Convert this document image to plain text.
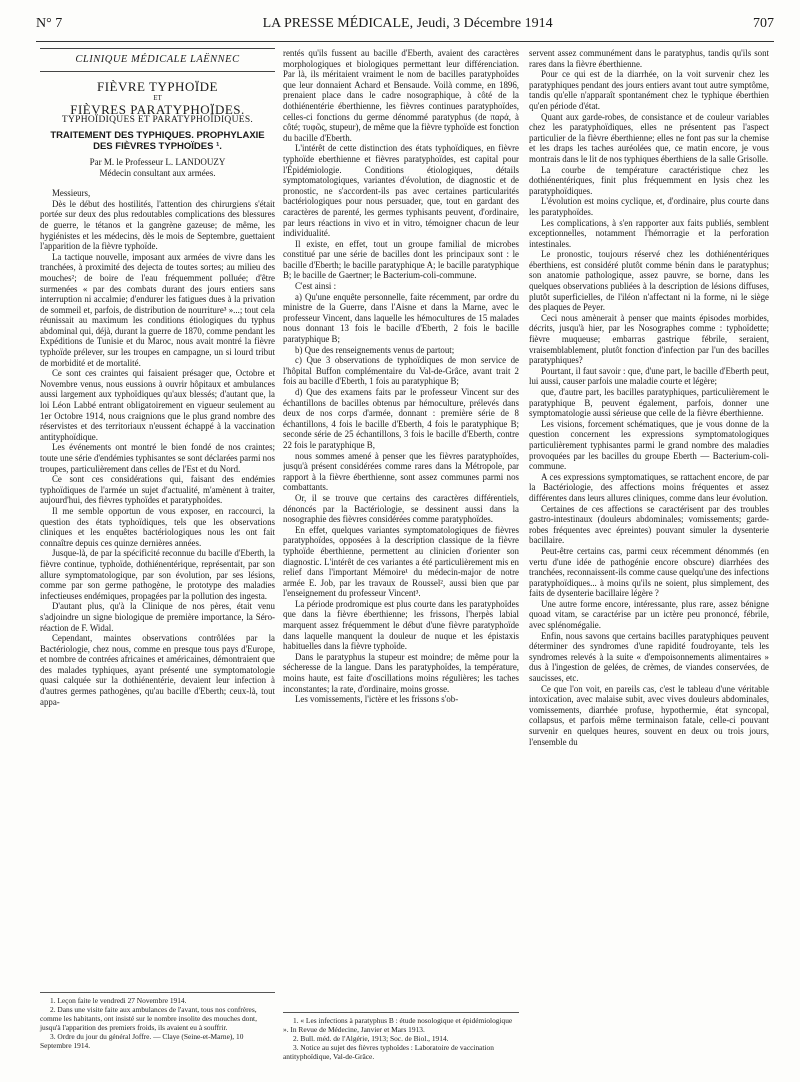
N° 7	LA PRESSE MÉDICALE, Jeudi, 3 Décembre 1914	707
CLINIQUE MÉDICALE LAËNNEC
FIÈVRE TYPHOÏDE
ET
FIÈVRES PARATYPHOÏDES.
TYPHOÏDIQUES ET PARATYPHOÏDIQUES.
TRAITEMENT DES TYPHIQUES. PROPHYLAXIE DES FIÈVRES TYPHOÏDES ¹.
Par M. le Professeur L. LANDOUZY
Médecin consultant aux armées.

Messieurs,

Dès le début des hostilités, l'attention des chirurgiens s'était portée sur deux des plus redoutables complications des blessures de guerre, le tétanos et la gangrène gazeuse; de même, les hygiénistes et les médecins, dès le mois de Septembre, guettaient l'apparition de la fièvre typhoïde.

La tactique nouvelle, imposant aux armées de vivre dans les tranchées, à proximité des dejecta de toutes sortes; au milieu des mouches²; de boire de l'eau fréquemment polluée; d'être surmenées « par des combats durant des jours entiers sans interruption ni accalmie; d'endurer les fatigues dues à la privation de sommeil et, parfois, de distribution de nourriture³ »...; tout cela réunissait au maximum les conditions étiologiques du typhus abdominal qui, déjà, durant la guerre de 1870, comme pendant les Expéditions de Tunisie et du Maroc, nous avait montré la fièvre typhoïde prélever, sur les troupes en campagne, un si lourd tribut de morbidité et de mortalité.

Ce sont ces craintes qui faisaient présager que, Octobre et Novembre venus, nous eussions à ouvrir hôpitaux et ambulances aussi largement aux typhoïdiques qu'aux blessés; d'autant que, la loi Léon Labbé entrant obligatoirement en vigueur seulement au 1er Octobre 1914, nous craignions que le plus grand nombre des réservistes et des territoriaux n'eussent échappé à la vaccination antityphoïdique.

Les événements ont montré le bien fondé de nos craintes; toute une série d'endémies typhisantes se sont déclarées parmi nos troupes, particulièrement dans celles de l'Est et du Nord.

Ce sont ces considérations qui, faisant des endémies typhoïdiques de l'armée un sujet d'actualité, m'amènent à traiter, aujourd'hui, des fièvres typhoïdes et paratyphoïdes.

Il me semble opportun de vous exposer, en raccourci, la question des états typhoïdiques, tels que les observations cliniques et les enquêtes bactériologiques nous les ont fait connaître depuis ces quinze dernières années.

Jusque-là, de par la spécificité reconnue du bacille d'Eberth, la fièvre continue, typhoïde, dothiénentérique, représentait, par son allure symptomatologique, par son évolution, par ses lésions, comme par son germe pathogène, le prototype des maladies infectieuses endémiques, propagées par la pollution des ingesta.

D'autant plus, qu'à la Clinique de nos pères, était venu s'adjoindre un signe biologique de première importance, la Séro-réaction de F. Widal.

Cependant, maintes observations contrôlées par la Bactériologie, chez nous, comme en presque tous pays d'Europe, et nombre de contrées africaines et américaines, démontraient que des malades typhiques, ayant présenté une symptomatologie quasi calquée sur la dothiénentérie, devaient leur infection à d'autres germes pathogènes, qu'au bacille d'Eberth; ceux-là, tout appa-

rentés qu'ils fussent au bacille d'Eberth, avaient des caractères morphologiques et biologiques permettant leur différenciation. Par là, ils méritaient vraiment le nom de bacilles paratyphoïdes que leur donnaient Achard et Bensaude. Voilà comme, en 1896, prenaient place dans le cadre nosographique, à côté de la dothiénentérie éberthienne, les fièvres continues paratyphoïdes, celles-ci fonctions du germe dénommé paratyphus (de παρά, à côté; τυφῶς, stupeur), de même que la fièvre typhoïde est fonction du bacille d'Eberth.

L'intérêt de cette distinction des états typhoïdiques, en fièvre typhoïde eberthienne et fièvres paratyphoïdes, est capital pour l'Épidémiologie. Conditions étiologiques, détails symptomatologiques, variantes d'évolution, de diagnostic et de pronostic, ne s'accordent-ils pas avec certaines particularités bactériologiques pour nous persuader, que, tout en gardant des caractères de parenté, les germes typhisants peuvent, d'ordinaire, par leurs réactions in vivo et in vitro, témoigner chacun de leur individualité.

Il existe, en effet, tout un groupe familial de microbes constitué par une série de bacilles dont les principaux sont : le bacille d'Eberth; le bacille paratyphique A; le bacille paratyphique B; le bacille de Gaertner; le Bacterium-coli-commune.

C'est ainsi :

a) Qu'une enquête personnelle, faite récemment, par ordre du ministre de la Guerre, dans l'Aisne et dans la Marne, avec le professeur Vincent, dans laquelle les hémocultures de 15 malades nous donnant 13 fois le bacille d'Eberth, 2 fois le bacille paratyphique B;

b) Que des renseignements venus de partout;

c) Que 3 observations de typhoïdiques de mon service de l'hôpital Buffon complémentaire du Val-de-Grâce, avant trait 2 fois au bacille d'Eberth, 1 fois au paratyphique B;

d) Que des examens faits par le professeur Vincent sur des échantillons de bacilles obtenus par hémoculture, prélevés dans deux de nos corps d'armée, donnant : première série de 8 échantillons, 4 fois le bacille d'Eberth, 4 fois le paratyphique B; seconde série de 25 échantillons, 3 fois le bacille d'Eberth, contre 22 fois le paratyphique B,

nous sommes amené à penser que les fièvres paratyphoïdes, jusqu'à présent considérées comme rares dans la Métropole, par rapport à la fièvre éberthienne, sont assez communes parmi nos combattants.

Or, il se trouve que certains des caractères différentiels, dénoncés par la Bactériologie, se dessinent aussi dans la nosographie des fièvres considérées comme paratyphoïdes.

En effet, quelques variantes symptomatologiques de fièvres paratyphoïdes, opposées à la description classique de la fièvre typhoïde éberthienne, permettent au clinicien d'orienter son diagnostic. L'intérêt de ces variantes a été particulièrement mis en relief dans l'important Mémoire¹ du médecin-major de notre armée E. Job, par les travaux de Roussel², aussi bien que par l'enseignement du professeur Vincent³.

La période prodromique est plus courte dans les paratyphoïdes que dans la fièvre éberthienne; les frissons, l'herpès labial marquent assez fréquemment le début d'une fièvre paratyphoïde dans laquelle manquent la douleur de nuque et les épistaxis habituelles dans la fièvre typhoïde.

Dans le paratyphus la stupeur est moindre; de même pour la sécheresse de la langue. Dans les paratyphoïdes, la température, moins haute, est faite d'oscillations moins régulières; les taches inconstantes; la rate, d'ordinaire, moins grosse.

Les vomissements, l'ictère et les frissons s'ob-

servent assez communément dans le paratyphus, tandis qu'ils sont rares dans la fièvre éberthienne.

Pour ce qui est de la diarrhée, on la voit survenir chez les paratyphiques pendant des jours entiers avant tout autre symptôme, tandis qu'elle n'apparaît spontanément chez le typhique éberthien qu'en période d'état.

Quant aux garde-robes, de consistance et de couleur variables chez les paratyphoïdiques, elles ne présentent pas l'aspect particulier de la fièvre éberthienne; elles ne font pas sur la chemise et les draps les taches auréolées que, ce matin encore, je vous montrais dans le lit de nos typhiques éberthiens de la salle Grisolle.

La courbe de température caractéristique chez les dothiénentériques, finit plus fréquemment en lysis chez les paratyphoïdiques.

L'évolution est moins cyclique, et, d'ordinaire, plus courte dans les paratyphoïdes.

Les complications, à s'en rapporter aux faits publiés, semblent exceptionnelles, notamment l'hémorragie et la perforation intestinales.

Le pronostic, toujours réservé chez les dothiénentériques éberthiens, est considéré plutôt comme bénin dans le paratyphus; son anatomie pathologique, assez pauvre, se borne, dans les quelques observations publiées à la description de lésions diffuses, plutôt superficielles, de l'iléon n'affectant ni la forme, ni le siège des plaques de Peyer.

Ceci nous amènerait à penser que maints épisodes morbides, décrits, jusqu'à hier, par les Nosographes comme : typhoïdette; fièvre muqueuse; embarras gastrique fébrile, seraient, vraisemblablement, plutôt fonction d'infection par l'un des bacilles paratyphiques?

Pourtant, il faut savoir : que, d'une part, le bacille d'Eberth peut, lui aussi, causer parfois une maladie courte et légère;

que, d'autre part, les bacilles paratyphiques, particulièrement le paratyphique B, peuvent également, parfois, donner une symptomatologie aussi sérieuse que celle de la fièvre éberthienne.

Les visions, forcement schématiques, que je vous donne de la question concernent les expressions symptomatologiques particulièrement typhisantes parmi le grand nombre des maladies provoquées par les bacilles du groupe Eberth — Bacterium-coli-commune.

A ces expressions symptomatiques, se rattachent encore, de par la Bactériologie, des affections moins fréquentes et assez différentes dans leurs allures cliniques, comme dans leur évolution.

Certaines de ces affections se caractérisent par des troubles gastro-intestinaux (douleurs abdominales; vomissements; garde-robes fréquentes avec épreintes) pouvant simuler la dysenterie bacillaire.

Peut-être certains cas, parmi ceux récemment dénommés (en vertu d'une idée de pathogénie encore obscure) diarrhées des tranchées, reconnaissent-ils comme cause quelqu'une des infections paratyphoïdiques... à moins qu'ils ne soient, plus simplement, des faits de dysenterie bacillaire légère ?

Une autre forme encore, intéressante, plus rare, assez bénigne quoad vitam, se caractérise par un ictère peu prononcé, fébrile, avec splénomégalie.

Enfin, nous savons que certains bacilles paratyphiques peuvent déterminer des syndromes d'une rapidité foudroyante, tels les syndromes relevés à la suite « d'empoisonnements alimentaires » dus à l'ingestion de gelées, de crèmes, de viandes conservées, de saucisses, etc.

Ce que l'on voit, en pareils cas, c'est le tableau d'une véritable intoxication, avec malaise subit, avec vives douleurs abdominales, vomissements, diarrhée profuse, hypothermie, état syncopal, collapsus, et parfois même terminaison fatale, celle-ci pouvant survenir en quelques heures, souvent en deux ou trois jours, l'ensemble du

1. Leçon faite le vendredi 27 Novembre 1914.
2. Dans une visite faite aux ambulances de l'avant, tous nos confrères, comme les habitants, ont insisté sur le nombre insolite des mouches dont, jusqu'à l'apparition des premiers froids, ils avaient eu à souffrir.
3. Ordre du jour du général Joffre. — Claye (Seine-et-Marne), 10 Septembre 1914.
1. « Les infections à paratyphus B : étude nosologique et épidémiologique ». In Revue de Médecine, Janvier et Mars 1913.
2. Bull. méd. de l'Algérie, 1913; Soc. de Biol., 1914.
3. Notice au sujet des fièvres typhoïdes : Laboratoire de vaccination antityphoïdique, Val-de-Grâce.
